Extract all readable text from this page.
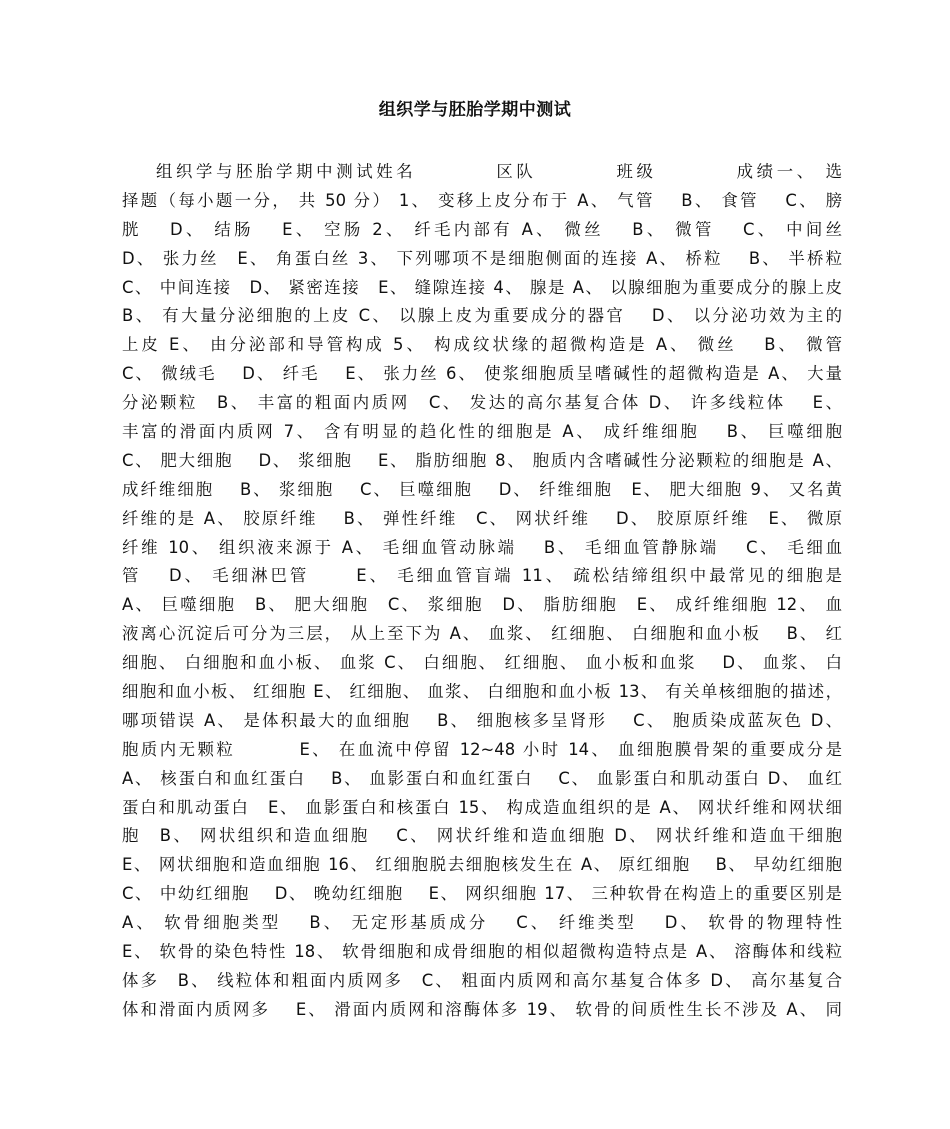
组织学与胚胎学期中测试
组织学与胚胎学期中测试姓名　　　　区队　　　　班级　　　　成绩一、 选
择题（每小题一分， 共 50 分） 1、 变移上皮分布于 A、 气管　 B、 食管　 C、 膀
胱　 D、 结肠　 E、 空肠 2、 纤毛内部有 A、 微丝　 B、 微管　 C、 中间丝
D、 张力丝　E、 角蛋白丝 3、 下列哪项不是细胞侧面的连接 A、 桥粒　 B、 半桥粒
C、 中间连接　D、 紧密连接　E、 缝隙连接 4、 腺是 A、 以腺细胞为重要成分的腺上皮
B、 有大量分泌细胞的上皮 C、 以腺上皮为重要成分的器官　 D、 以分泌功效为主的
上皮 E、 由分泌部和导管构成 5、 构成纹状缘的超微构造是 A、 微丝　 B、 微管
C、 微绒毛　 D、 纤毛　 E、 张力丝 6、 使浆细胞质呈嗜碱性的超微构造是 A、 大量
分泌颗粒　B、 丰富的粗面内质网　C、 发达的高尔基复合体 D、 许多线粒体　 E、
丰富的滑面内质网 7、 含有明显的趋化性的细胞是 A、 成纤维细胞　 B、 巨噬细胞
C、 肥大细胞　 D、 浆细胞　 E、 脂肪细胞 8、 胞质内含嗜碱性分泌颗粒的细胞是 A、
成纤维细胞　 B、 浆细胞　 C、 巨噬细胞　 D、 纤维细胞　E、 肥大细胞 9、 又名黄
纤维的是 A、 胶原纤维　 B、 弹性纤维　C、 网状纤维　 D、 胶原原纤维　E、 微原
纤维 10、 组织液来源于 A、 毛细血管动脉端　 B、 毛细血管静脉端　 C、 毛细血
管　 D、 毛细淋巴管　　 E、 毛细血管盲端 11、 疏松结缔组织中最常见的细胞是
A、 巨噬细胞　B、 肥大细胞　C、 浆细胞　D、 脂肪细胞　E、 成纤维细胞 12、 血
液离心沉淀后可分为三层， 从上至下为 A、 血浆、 红细胞、 白细胞和血小板　 B、 红
细胞、 白细胞和血小板、 血浆 C、 白细胞、 红细胞、 血小板和血浆　 D、 血浆、 白
细胞和血小板、 红细胞 E、 红细胞、 血浆、 白细胞和血小板 13、 有关单核细胞的描述，
哪项错误 A、 是体积最大的血细胞　 B、 细胞核多呈肾形　 C、 胞质染成蓝灰色 D、
胞质内无颗粒　　　 E、 在血流中停留 12~48 小时 14、 血细胞膜骨架的重要成分是
A、 核蛋白和血红蛋白　 B、 血影蛋白和血红蛋白　 C、 血影蛋白和肌动蛋白 D、 血红
蛋白和肌动蛋白　E、 血影蛋白和核蛋白 15、 构成造血组织的是 A、 网状纤维和网状细
胞　B、 网状组织和造血细胞　 C、 网状纤维和造血细胞 D、 网状纤维和造血干细胞
E、 网状细胞和造血细胞 16、 红细胞脱去细胞核发生在 A、 原红细胞　 B、 早幼红细胞
C、 中幼红细胞　 D、 晚幼红细胞　 E、 网织细胞 17、 三种软骨在构造上的重要区别是
A、 软骨细胞类型　 B、 无定形基质成分　 C、 纤维类型　 D、 软骨的物理特性
E、 软骨的染色特性 18、 软骨细胞和成骨细胞的相似超微构造特点是 A、 溶酶体和线粒
体多　B、 线粒体和粗面内质网多　C、 粗面内质网和高尔基复合体多 D、 高尔基复合
体和滑面内质网多　 E、 滑面内质网和溶酶体多 19、 软骨的间质性生长不涉及 A、 同
